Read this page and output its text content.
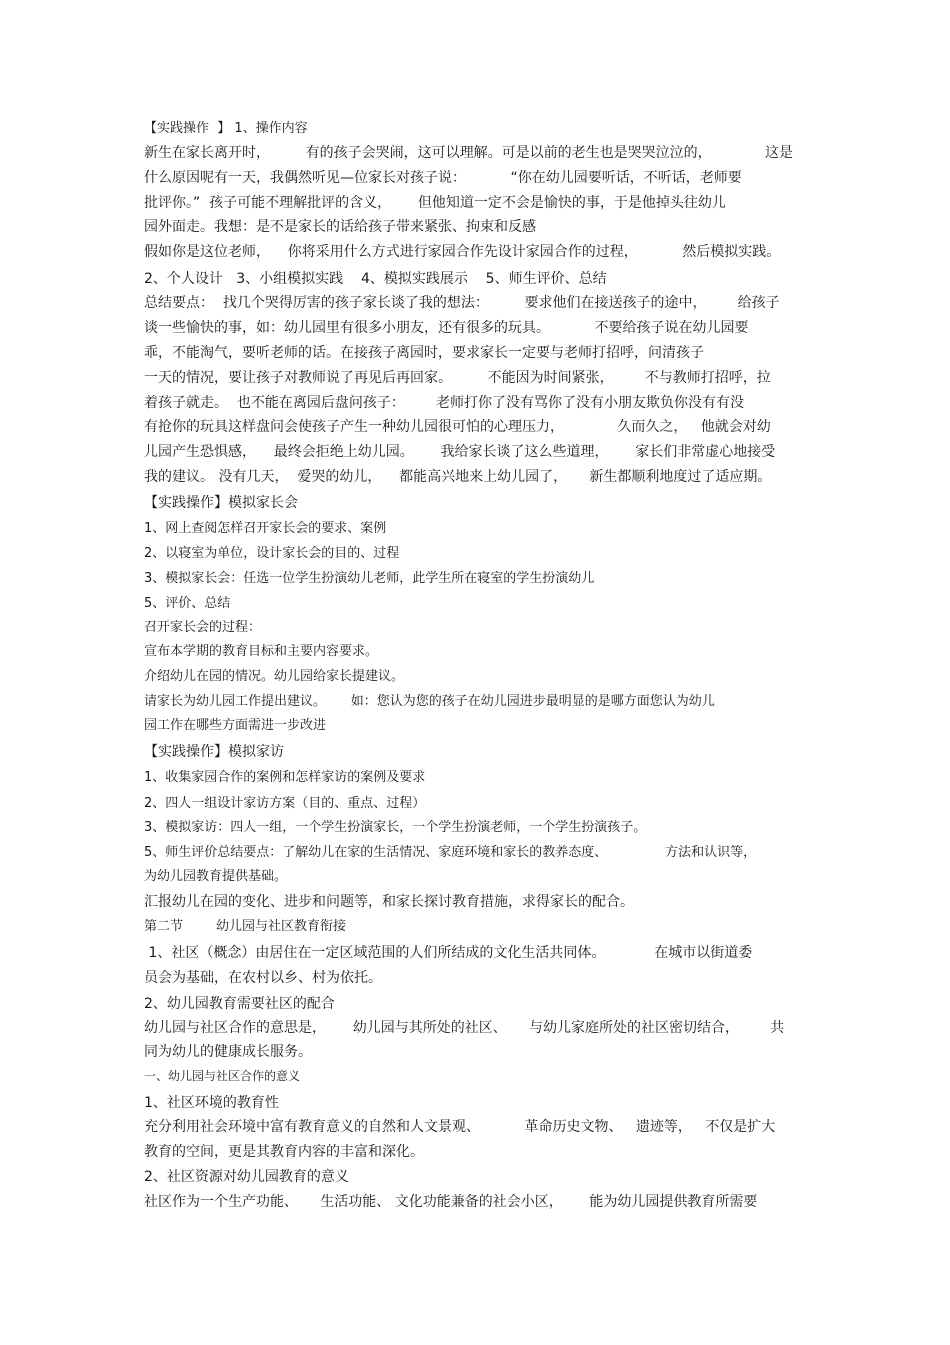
【实践操作  】 1、操作内容
新生在家长离开时，        有的孩子会哭闹，这可以理解。可是以前的老生也是哭哭泣泣的，            这是
什么原因呢有一天，我偶然听见—位家长对孩子说：          “你在幼儿园要听话，不听话，老师要
批评你。”  孩子可能不理解批评的含义，      但他知道一定不会是愉快的事，于是他掉头往幼儿
园外面走。我想：是不是家长的话给孩子带来紧张、拘束和反感
假如你是这位老师，    你将采用什么方式进行家园合作先设计家园合作的过程，          然后模拟实践。
2、个人设计   3、小组模拟实践    4、模拟实践展示    5、师生评价、总结
总结要点：  找几个哭得厉害的孩子家长谈了我的想法：        要求他们在接送孩子的途中，       给孩子
谈一些愉快的事，如：幼儿园里有很多小朋友，还有很多的玩具。          不要给孩子说在幼儿园要
乖，不能淘气，要听老师的话。在接孩子离园时，要求家长一定要与老师打招呼，问清孩子
一天的情况，要让孩子对教师说了再见后再回家。        不能因为时间紧张，       不与教师打招呼，拉
着孩子就走。  也不能在离园后盘问孩子：       老师打你了没有骂你了没有小朋友欺负你没有有没
有抢你的玩具这样盘问会使孩子产生一种幼儿园很可怕的心理压力，            久而久之，   他就会对幼
儿园产生恐惧感，    最终会拒绝上幼儿园。      我给家长谈了这么些道理，      家长们非常虚心地接受
我的建议。 没有几天，  爱哭的幼儿，    都能高兴地来上幼儿园了，     新生都顺利地度过了适应期。
【实践操作】模拟家长会
1、网上查阅怎样召开家长会的要求、案例
2、以寝室为单位，设计家长会的目的、过程
3、模拟家长会：任选一位学生扮演幼儿老师，此学生所在寝室的学生扮演幼儿
5、评价、总结
召开家长会的过程：
宣布本学期的教育目标和主要内容要求。
介绍幼儿在园的情况。幼儿园给家长提建议。
请家长为幼儿园工作提出建议。      如：您认为您的孩子在幼儿园进步最明显的是哪方面您认为幼儿
园工作在哪些方面需进一步改进
【实践操作】模拟家访
1、收集家园合作的案例和怎样家访的案例及要求
2、四人一组设计家访方案（目的、重点、过程）
3、模拟家访：四人一组，一个学生扮演家长，一个学生扮演老师，一个学生扮演孩子。
5、师生评价总结要点：了解幼儿在家的生活情况、家庭环境和家长的教养态度、              方法和认识等，
为幼儿园教育提供基础。
汇报幼儿在园的变化、进步和问题等，和家长探讨教育措施，求得家长的配合。
第二节        幼儿园与社区教育衔接
1、社区（概念）由居住在一定区域范围的人们所结成的文化生活共同体。           在城市以街道委
员会为基础，在农村以乡、村为依托。
2、幼儿园教育需要社区的配合
幼儿园与社区合作的意思是，      幼儿园与其所处的社区、     与幼儿家庭所处的社区密切结合，       共
同为幼儿的健康成长服务。
一、幼儿园与社区合作的意义
1、社区环境的教育性
充分利用社会环境中富有教育意义的自然和人文景观、          革命历史文物、   遗迹等，   不仅是扩大
教育的空间，更是其教育内容的丰富和深化。
2、社区资源对幼儿园教育的意义
社区作为一个生产功能、     生活功能、 文化功能兼备的社会小区，      能为幼儿园提供教育所需要
